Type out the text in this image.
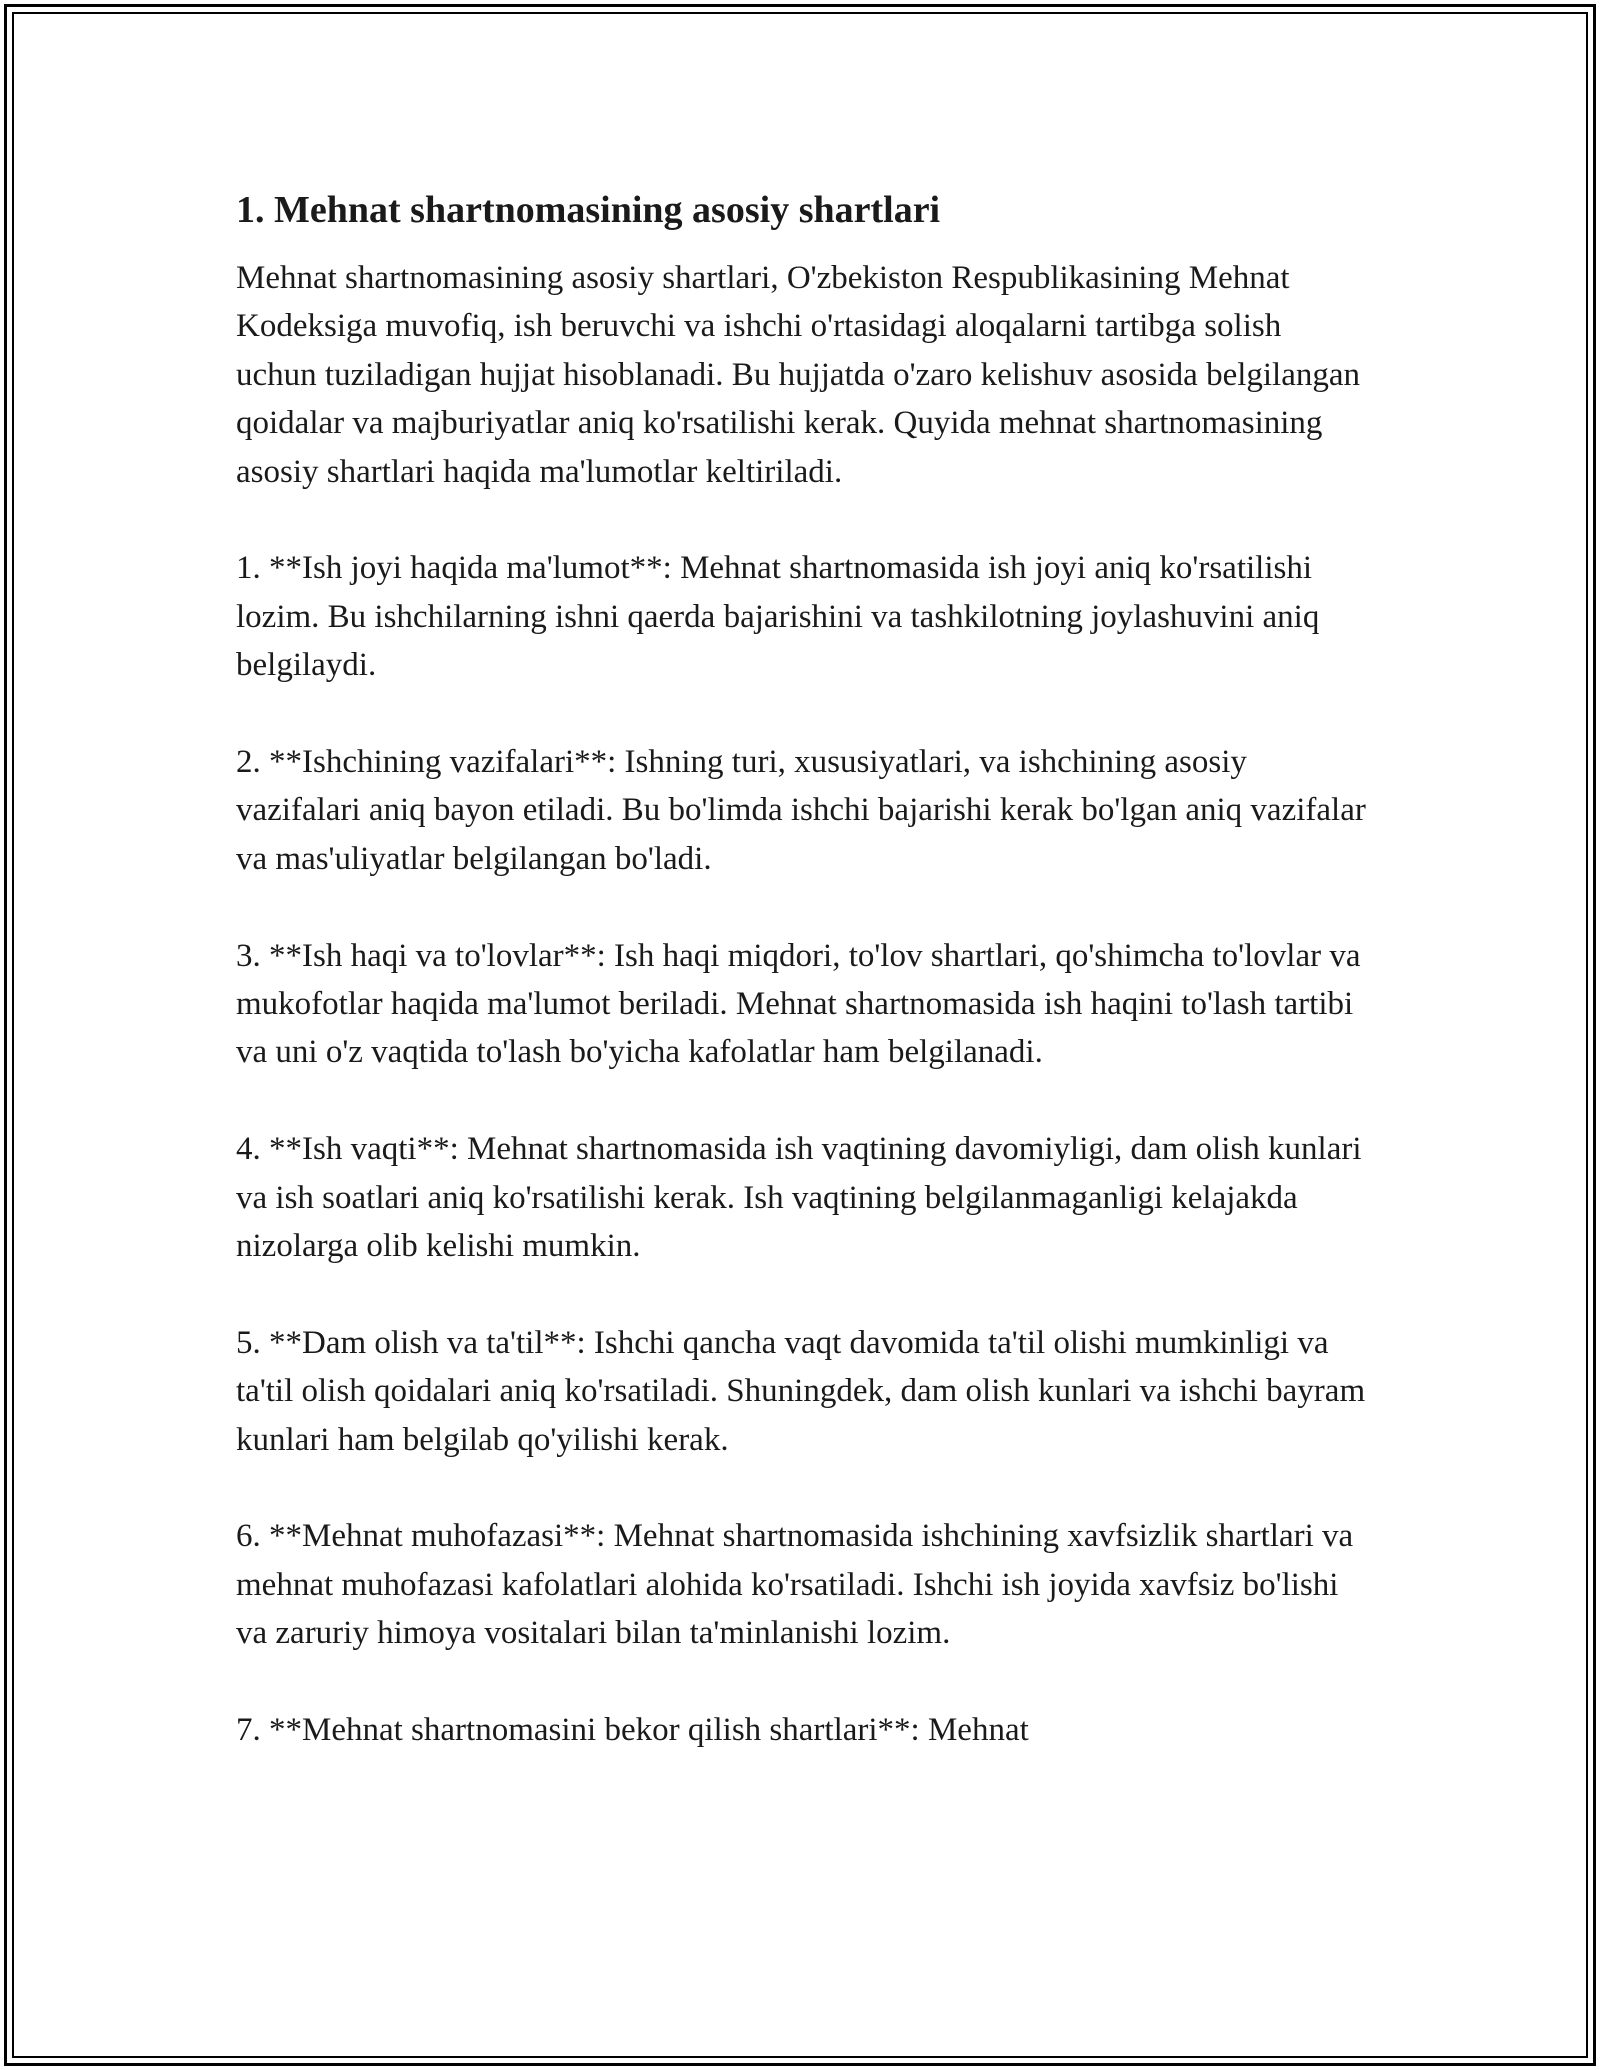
1. Mehnat shartnomasining asosiy shartlari

Mehnat shartnomasining asosiy shartlari, O'zbekiston Respublikasining Mehnat Kodeksiga muvofiq, ish beruvchi va ishchi o'rtasidagi aloqalarni tartibga solish uchun tuziladigan hujjat hisoblanadi. Bu hujjatda o'zaro kelishuv asosida belgilangan qoidalar va majburiyatlar aniq ko'rsatilishi kerak. Quyida mehnat shartnomasining asosiy shartlari haqida ma'lumotlar keltiriladi.

1. **Ish joyi haqida ma'lumot**: Mehnat shartnomasida ish joyi aniq ko'rsatilishi lozim. Bu ishchilarning ishni qaerda bajarishini va tashkilotning joylashuvini aniq belgilaydi.

2. **Ishchining vazifalari**: Ishning turi, xususiyatlari, va ishchining asosiy vazifalari aniq bayon etiladi. Bu bo'limda ishchi bajarishi kerak bo'lgan aniq vazifalar va mas'uliyatlar belgilangan bo'ladi.

3. **Ish haqi va to'lovlar**: Ish haqi miqdori, to'lov shartlari, qo'shimcha to'lovlar va mukofotlar haqida ma'lumot beriladi. Mehnat shartnomasida ish haqini to'lash tartibi va uni o'z vaqtida to'lash bo'yicha kafolatlar ham belgilanadi.

4. **Ish vaqti**: Mehnat shartnomasida ish vaqtining davomiyligi, dam olish kunlari va ish soatlari aniq ko'rsatilishi kerak. Ish vaqtining belgilanmaganligi kelajakda nizolarga olib kelishi mumkin.

5. **Dam olish va ta'til**: Ishchi qancha vaqt davomida ta'til olishi mumkinligi va ta'til olish qoidalari aniq ko'rsatiladi. Shuningdek, dam olish kunlari va ishchi bayram kunlari ham belgilab qo'yilishi kerak.

6. **Mehnat muhofazasi**: Mehnat shartnomasida ishchining xavfsizlik shartlari va mehnat muhofazasi kafolatlari alohida ko'rsatiladi. Ishchi ish joyida xavfsiz bo'lishi va zaruriy himoya vositalari bilan ta'minlanishi lozim.

7. **Mehnat shartnomasini bekor qilish shartlari**: Mehnat
